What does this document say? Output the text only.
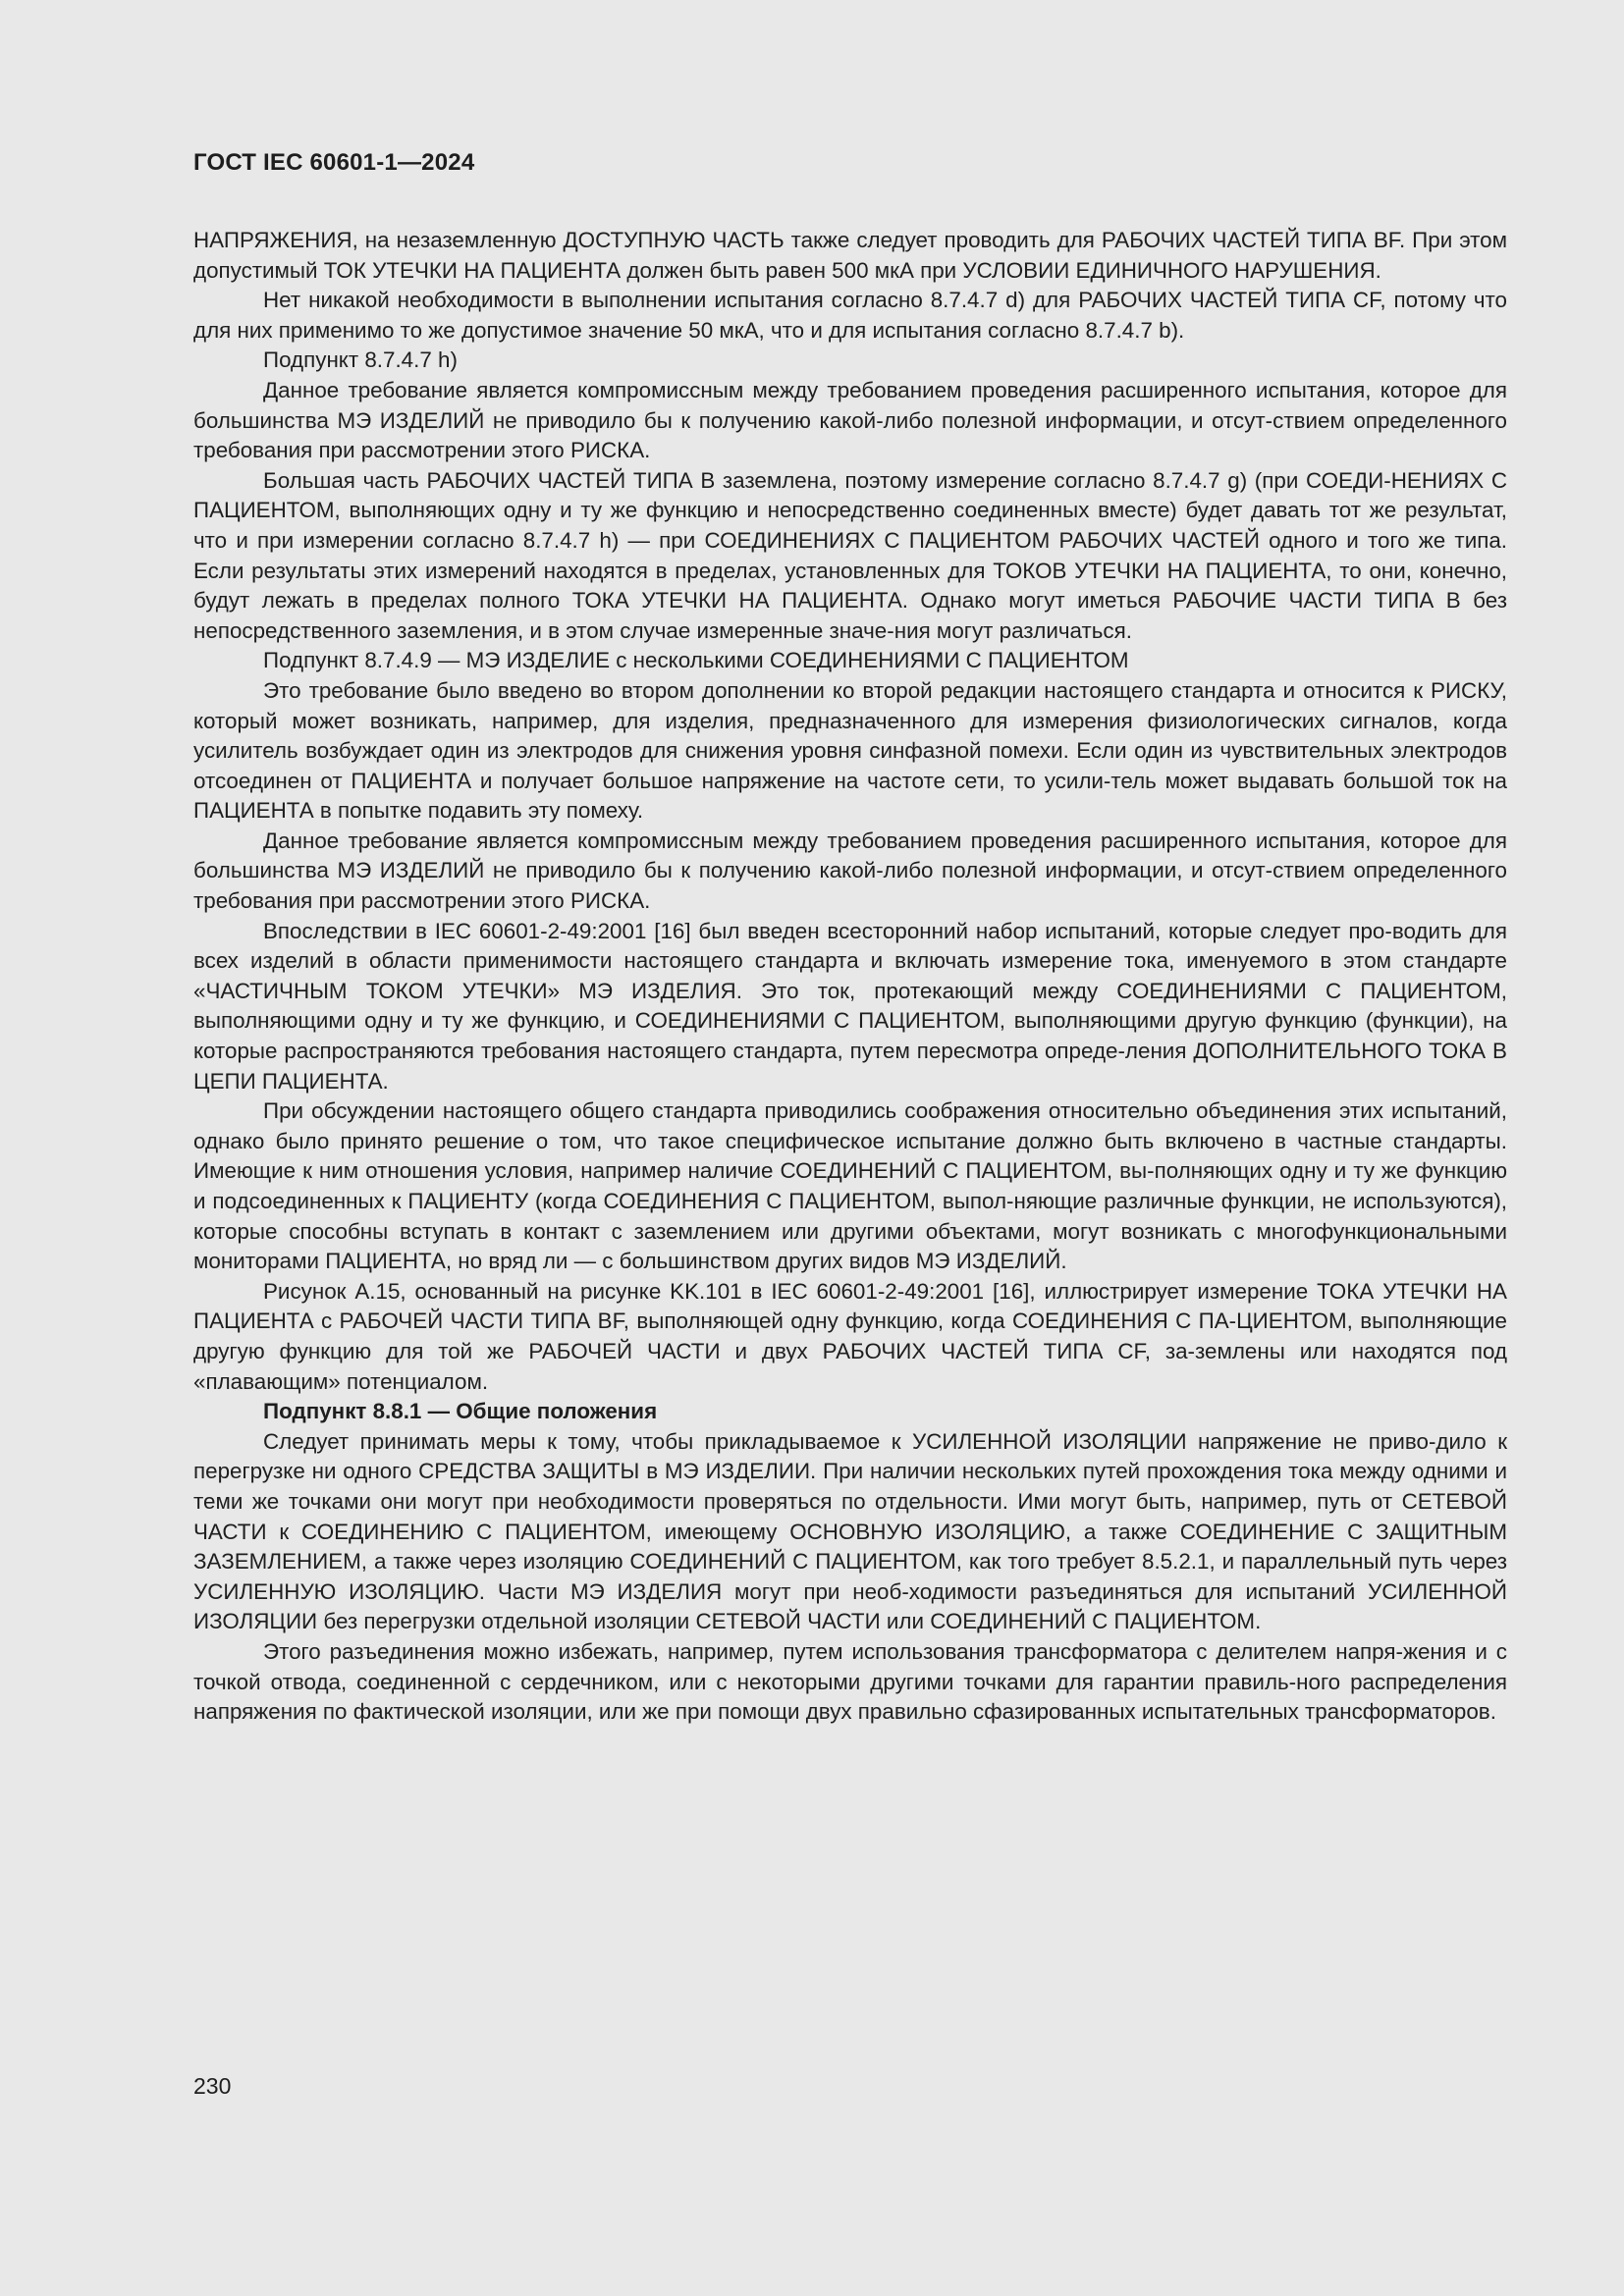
ГОСТ IEC 60601-1—2024

НАПРЯЖЕНИЯ, на незаземленную ДОСТУПНУЮ ЧАСТЬ также следует проводить для РАБОЧИХ ЧАСТЕЙ ТИПА BF. При этом допустимый ТОК УТЕЧКИ НА ПАЦИЕНТА должен быть равен 500 мкА при УСЛОВИИ ЕДИНИЧНОГО НАРУШЕНИЯ.

Нет никакой необходимости в выполнении испытания согласно 8.7.4.7 d) для РАБОЧИХ ЧАСТЕЙ ТИПА CF, потому что для них применимо то же допустимое значение 50 мкА, что и для испытания согласно 8.7.4.7 b).

Подпункт 8.7.4.7 h)

Данное требование является компромиссным между требованием проведения расширенного испытания, которое для большинства МЭ ИЗДЕЛИЙ не приводило бы к получению какой-либо полезной информации, и отсут-ствием определенного требования при рассмотрении этого РИСКА.

Большая часть РАБОЧИХ ЧАСТЕЙ ТИПА B заземлена, поэтому измерение согласно 8.7.4.7 g) (при СОЕДИ-НЕНИЯХ С ПАЦИЕНТОМ, выполняющих одну и ту же функцию и непосредственно соединенных вместе) будет давать тот же результат, что и при измерении согласно 8.7.4.7 h) — при СОЕДИНЕНИЯХ С ПАЦИЕНТОМ РАБОЧИХ ЧАСТЕЙ одного и того же типа. Если результаты этих измерений находятся в пределах, установленных для ТОКОВ УТЕЧКИ НА ПАЦИЕНТА, то они, конечно, будут лежать в пределах полного ТОКА УТЕЧКИ НА ПАЦИЕНТА. Однако могут иметься РАБОЧИЕ ЧАСТИ ТИПА B без непосредственного заземления, и в этом случае измеренные значе-ния могут различаться.

Подпункт 8.7.4.9 — МЭ ИЗДЕЛИЕ с несколькими СОЕДИНЕНИЯМИ С ПАЦИЕНТОМ

Это требование было введено во втором дополнении ко второй редакции настоящего стандарта и относится к РИСКУ, который может возникать, например, для изделия, предназначенного для измерения физиологических сигналов, когда усилитель возбуждает один из электродов для снижения уровня синфазной помехи. Если один из чувствительных электродов отсоединен от ПАЦИЕНТА и получает большое напряжение на частоте сети, то усили-тель может выдавать большой ток на ПАЦИЕНТА в попытке подавить эту помеху.

Данное требование является компромиссным между требованием проведения расширенного испытания, которое для большинства МЭ ИЗДЕЛИЙ не приводило бы к получению какой-либо полезной информации, и отсут-ствием определенного требования при рассмотрении этого РИСКА.

Впоследствии в IEC 60601-2-49:2001 [16] был введен всесторонний набор испытаний, которые следует про-водить для всех изделий в области применимости настоящего стандарта и включать измерение тока, именуемого в этом стандарте «ЧАСТИЧНЫМ ТОКОМ УТЕЧКИ» МЭ ИЗДЕЛИЯ. Это ток, протекающий между СОЕДИНЕНИЯМИ С ПАЦИЕНТОМ, выполняющими одну и ту же функцию, и СОЕДИНЕНИЯМИ С ПАЦИЕНТОМ, выполняющими другую функцию (функции), на которые распространяются требования настоящего стандарта, путем пересмотра опреде-ления ДОПОЛНИТЕЛЬНОГО ТОКА В ЦЕПИ ПАЦИЕНТА.

При обсуждении настоящего общего стандарта приводились соображения относительно объединения этих испытаний, однако было принято решение о том, что такое специфическое испытание должно быть включено в частные стандарты. Имеющие к ним отношения условия, например наличие СОЕДИНЕНИЙ С ПАЦИЕНТОМ, вы-полняющих одну и ту же функцию и подсоединенных к ПАЦИЕНТУ (когда СОЕДИНЕНИЯ С ПАЦИЕНТОМ, выпол-няющие различные функции, не используются), которые способны вступать в контакт с заземлением или другими объектами, могут возникать с многофункциональными мониторами ПАЦИЕНТА, но вряд ли — с большинством других видов МЭ ИЗДЕЛИЙ.

Рисунок A.15, основанный на рисунке KK.101 в IEC 60601-2-49:2001 [16], иллюстрирует измерение ТОКА УТЕЧКИ НА ПАЦИЕНТА с РАБОЧЕЙ ЧАСТИ ТИПА BF, выполняющей одну функцию, когда СОЕДИНЕНИЯ С ПА-ЦИЕНТОМ, выполняющие другую функцию для той же РАБОЧЕЙ ЧАСТИ и двух РАБОЧИХ ЧАСТЕЙ ТИПА CF, за-землены или находятся под «плавающим» потенциалом.

Подпункт 8.8.1 — Общие положения

Следует принимать меры к тому, чтобы прикладываемое к УСИЛЕННОЙ ИЗОЛЯЦИИ напряжение не приво-дило к перегрузке ни одного СРЕДСТВА ЗАЩИТЫ в МЭ ИЗДЕЛИИ. При наличии нескольких путей прохождения тока между одними и теми же точками они могут при необходимости проверяться по отдельности. Ими могут быть, например, путь от СЕТЕВОЙ ЧАСТИ к СОЕДИНЕНИЮ С ПАЦИЕНТОМ, имеющему ОСНОВНУЮ ИЗОЛЯЦИЮ, а также СОЕДИНЕНИЕ С ЗАЩИТНЫМ ЗАЗЕМЛЕНИЕМ, а также через изоляцию СОЕДИНЕНИЙ С ПАЦИЕНТОМ, как того требует 8.5.2.1, и параллельный путь через УСИЛЕННУЮ ИЗОЛЯЦИЮ. Части МЭ ИЗДЕЛИЯ могут при необ-ходимости разъединяться для испытаний УСИЛЕННОЙ ИЗОЛЯЦИИ без перегрузки отдельной изоляции СЕТЕВОЙ ЧАСТИ или СОЕДИНЕНИЙ С ПАЦИЕНТОМ.

Этого разъединения можно избежать, например, путем использования трансформатора с делителем напря-жения и с точкой отвода, соединенной с сердечником, или с некоторыми другими точками для гарантии правиль-ного распределения напряжения по фактической изоляции, или же при помощи двух правильно сфазированных испытательных трансформаторов.

230
